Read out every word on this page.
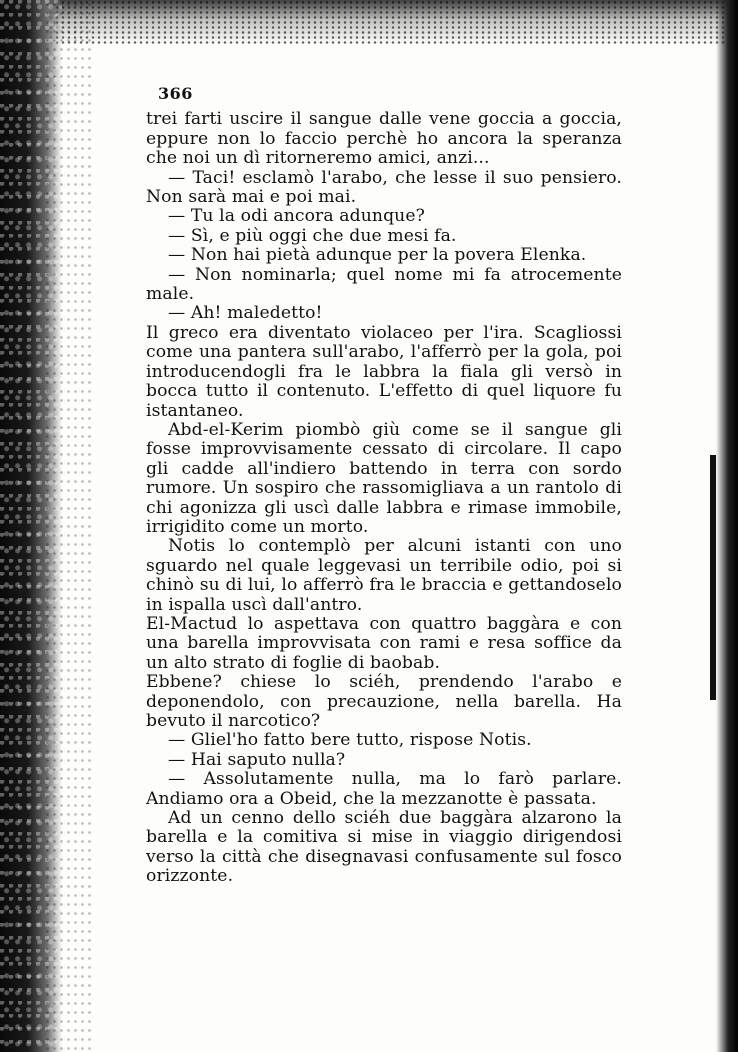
366

trei farti uscire il sangue dalle vene goccia a goccia, eppure non lo faccio perchè ho ancora la speranza che noi un dì ritorneremo amici, anzi...

— Taci! esclamò l'arabo, che lesse il suo pensiero. Non sarà mai e poi mai.

— Tu la odi ancora adunque?

— Sì, e più oggi che due mesi fa.

— Non hai pietà adunque per la povera Elenka.

— Non nominarla; quel nome mi fa atrocemente male.

— Ah! maledetto!

Il greco era diventato violaceo per l'ira. Scagliossi come una pantera sull'arabo, l'afferrò per la gola, poi introducendogli fra le labbra la fiala gli versò in bocca tutto il contenuto. L'effetto di quel liquore fu istantaneo.

Abd-el-Kerim piombò giù come se il sangue gli fosse improvvisamente cessato di circolare. Il capo gli cadde all'indiero battendo in terra con sordo rumore. Un sospiro che rassomigliava a un rantolo di chi agonizza gli uscì dalle labbra e rimase immobile, irrigidito come un morto.

Notis lo contemplò per alcuni istanti con uno sguardo nel quale leggevasi un terribile odio, poi si chinò su di lui, lo afferrò fra le braccia e gettandoselo in ispalla uscì dall'antro.

El-Mactud lo aspettava con quattro baggàra e con una barella improvvisata con rami e resa soffice da un alto strato di foglie di baobab.

Ebbene? chiese lo sciéh, prendendo l'arabo e deponendolo, con precauzione, nella barella. Ha bevuto il narcotico?

— Gliel'ho fatto bere tutto, rispose Notis.

— Hai saputo nulla?

— Assolutamente nulla, ma lo farò parlare. Andiamo ora a Obeid, che la mezzanotte è passata.

Ad un cenno dello sciéh due baggàra alzarono la barella e la comitiva si mise in viaggio dirigendosi verso la città che disegnavasi confusamente sul fosco orizzonte.
